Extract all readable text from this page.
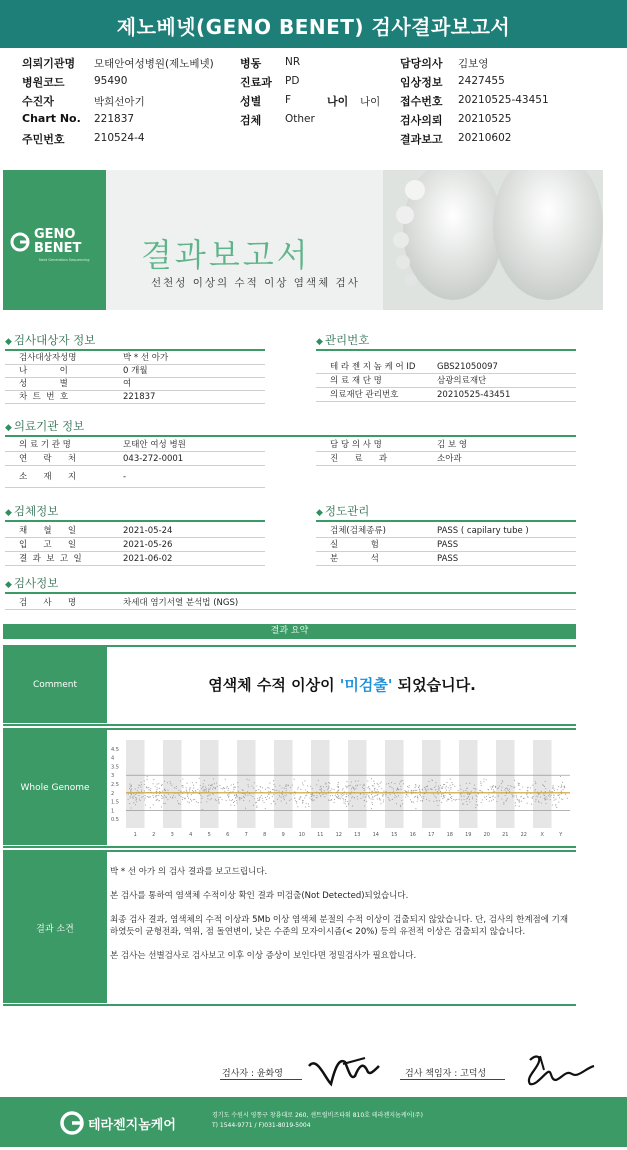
제노베넷(GENO BENET) 검사결과보고서
의뢰기관명 모태안여성병원(제노베넷) 병동 NR	담당의사 김보영
병원코드	95490	진료과 PD	임상정보 2427455
수진자	박희선아기	성별 F	나이 나이 접수번호 20210525-43451
Chart No. 221837	검체 Other	검사의뢰 20210525
주민번호	210524-4	결과보고 20210602
GENO
BENET
Next Generation Sequencing 결과보고서
선천성 이상의 수적 이상 염색체 검사
◆ 검사대상자 정보
검사대상자성명	박 * 선 아가
나            이	0 개월
성            별	여
차  트  번  호	221837
◆ 관리번호
테 라 젠 지 놈 케 어 ID	GBS21050097
의 료 재 단 명	삼광의료재단
의료재단 관리번호	20210525-43451
◆ 의료기관 정보
의 료 기 관 명	모태안 여성 병원
연      락      처	043-272-0001
소      재      지	-
담 당 의 사 명	김 보 영
진      료      과	소아과
◆ 검체정보
채      혈      일	2021-05-24
입      고      일	2021-05-26
결  과  보  고  일	2021-06-02
◆ 정도관리
검체(검체종류)	PASS ( capilary tube )
실            험	PASS
분            석	PASS
◆ 검사정보
검      사      명	차세대 염기서열 분석법 (NGS)
결과 요약
Comment	염색체 수적 이상이 '미검출' 되었습니다.
Whole Genome
4.5
4
3.5
3
2.5
2
1.5
1
0.5
1	2	3	4	5	6	7	8	9	10 11 12 13 14 15 16 17 18 19 20 21 22	X	Y
결과 소견

박 * 선 아가 의 검사 결과를 보고드립니다.

본 검사를 통하여 염색체 수적이상 확인 결과 미검출(Not Detected)되었습니다.

최종 검사 결과, 염색체의 수적 이상과 5Mb 이상 염색체 분절의 수적 이상이 검출되지 않았습니다. 단, 검사의 한계점에 기재하였듯이 균형전좌, 역위, 점 돌연변이, 낮은 수준의 모자이시즘(< 20%) 등의 유전적 이상은 검출되지 않습니다.

본 검사는 선별검사로 검사보고 이후 이상 증상이 보인다면 정밀검사가 필요합니다.

검사자 : 윤화영	검사 책임자 : 고덕성
테라젠지놈케어
경기도 수원시 영통구 창룡대로 260, 센트럴비즈타워 810호 테라젠지놈케어(주)
T) 1544-9771 / F)031-8019-5004
